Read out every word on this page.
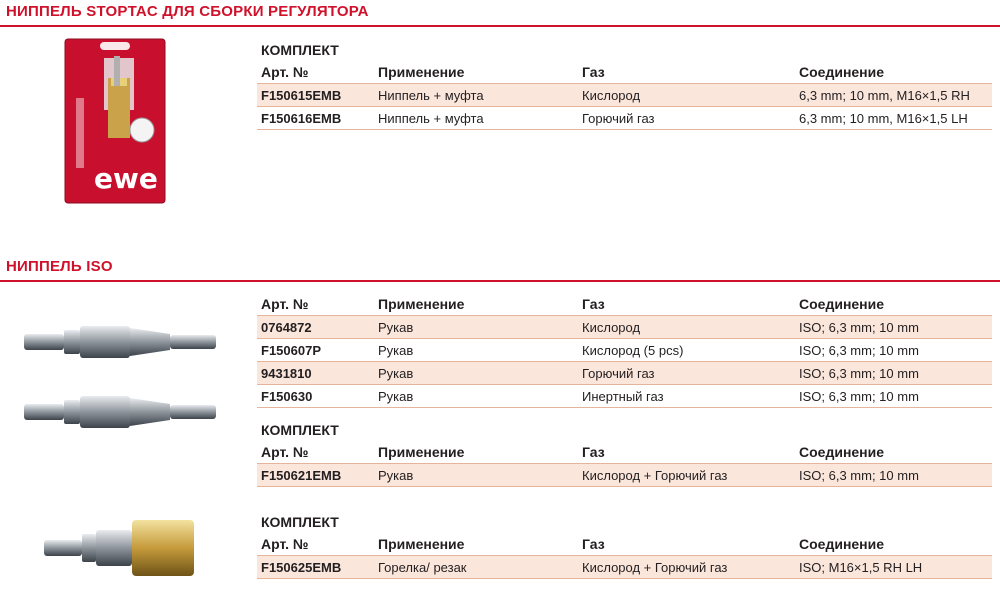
НИППЕЛЬ STOPTAC ДЛЯ СБОРКИ РЕГУЛЯТОРА
ewe
КОМПЛЕКТ
Арт. №	Применение	Газ	Соединение
F150615EMB	Ниппель + муфта	Кислород	6,3 mm; 10 mm, M16×1,5 RH
F150616EMB	Ниппель + муфта	Горючий газ	6,3 mm; 10 mm, M16×1,5 LH
НИППЕЛЬ ISO
Арт. №	Применение	Газ	Соединение
0764872	Рукав	Кислород	ISO; 6,3 mm; 10 mm
F150607P	Рукав	Кислород (5 pcs)	ISO; 6,3 mm; 10 mm
9431810	Рукав	Горючий газ	ISO; 6,3 mm; 10 mm
F150630	Рукав	Инертный газ	ISO; 6,3 mm; 10 mm
КОМПЛЕКТ
Арт. №	Применение	Газ	Соединение
F150621EMB	Рукав	Кислород + Горючий газ	ISO; 6,3 mm; 10 mm
КОМПЛЕКТ
Арт. №	Применение	Газ	Соединение
F150625EMB	Горелка/ резак	Кислород + Горючий газ	ISO; M16×1,5 RH LH
